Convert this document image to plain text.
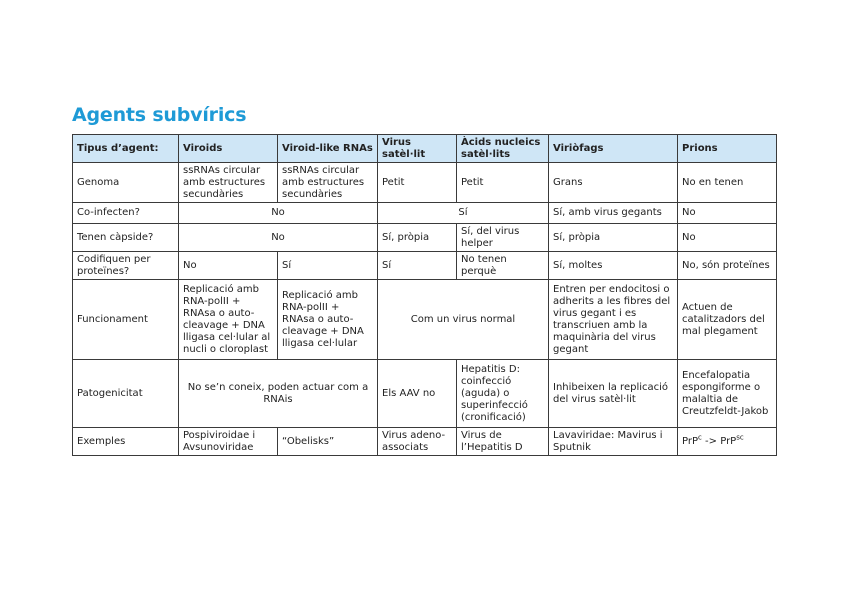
Agents subvírics
Tipus d’agent:	Viroids	Viroid-like RNAs	Virus satèl·lit	Àcids nucleics satèl·lits	Viriòfags	Prions
Genoma	ssRNAs circular amb estructures secundàries	ssRNAs circular amb estructures secundàries	Petit	Petit	Grans	No en tenen
Co-infecten?	No		Sí		Sí, amb virus gegants	No
Tenen càpside?	No		Sí, pròpia	Sí, del virus helper	Sí, pròpia	No
Codifiquen per proteïnes?	No	Sí	Sí	No tenen perquè	Sí, moltes	No, són proteïnes
Funcionament	Replicació amb RNA-polII + RNAsa o auto-cleavage + DNA lligasa cel·lular al nucli o cloroplast	Replicació amb RNA-polII + RNAsa o auto-cleavage + DNA lligasa cel·lular	Com un virus normal		Entren per endocitosi o adherits a les fibres del virus gegant i es transcriuen amb la maquinària del virus gegant	Actuen de catalitzadors del mal plegament
Patogenicitat	No se’n coneix, poden actuar com a RNAis		Els AAV no	Hepatitis D: coinfecció (aguda) o superinfecció (cronificació)	Inhibeixen la replicació del virus satèl·lit	Encefalopatia espongiforme o malaltia de Creutzfeldt-Jakob
Exemples	Pospiviroidae i Avsunoviridae	“Obelisks”	Virus adeno-associats	Virus de l’Hepatitis D	Lavaviridae: Mavirus i Sputnik	PrP$^c$ -> PrP$^{sc}$
